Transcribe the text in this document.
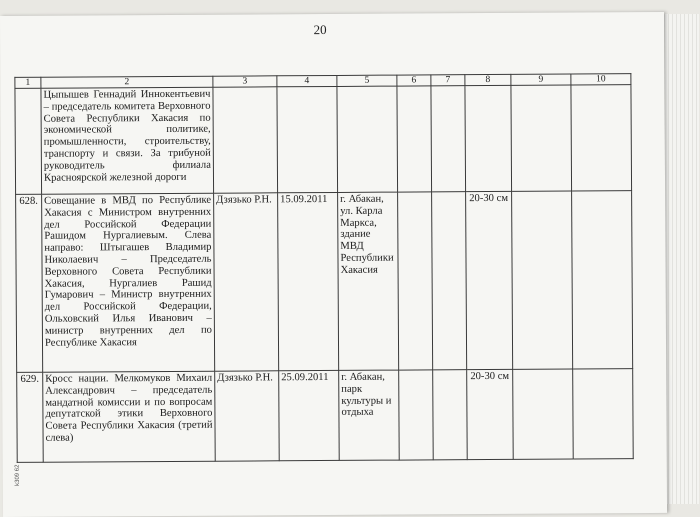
20
1	2	3	4	5	6	7	8	9	10
	Цыпышев Геннадий Иннокентьевич – председатель комитета Верховного Совета Республики Хакасия по экономической политике, промышленности, строительству, транспорту и связи. За трибуной руководитель филиала Красноярской железной дороги								
628.	Совещание в МВД по Республике Хакасия с Министром внутренних дел Российской Федерации Рашидом Нургалиевым. Слева направо: Штыгашев Владимир Николаевич – Председатель Верховного Совета Республики Хакасия, Нургалиев Рашид Гумарович – Министр внутренних дел Российской Федерации, Ольховский Илья Иванович – министр внутренних дел по Республике Хакасия	Дзязько Р.Н.	15.09.2011	г. Абакан, ул. Карла Маркса, здание МВД Республики Хакасия			20-30 см		
629.	Кросс нации. Мелкомуков Михаил Александрович – председатель мандатной комиссии и по вопросам депутатской этики Верховного Совета Республики Хакасия (третий слева)	Дзязько Р.Н.	25.09.2011	г. Абакан, парк культуры и отдыха			20-30 см		
k309 62
